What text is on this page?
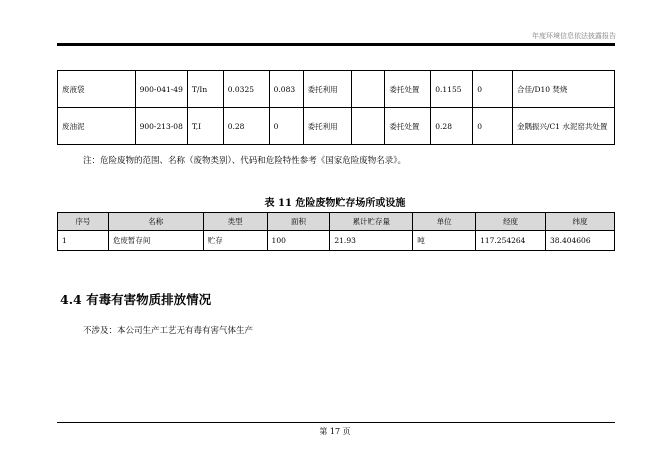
年度环境信息依法披露报告
废液袋	900-041-49	T/In	0.0325	0.083	委托利用		委托处置	0.1155	0	合佳/D10 焚烧
废油泥	900-213-08	T,I	0.28	0	委托利用		委托处置	0.28	0	金隅振兴/C1 水泥窑共处置
注：危险废物的范围、名称（废物类别）、代码和危险特性参考《国家危险废物名录》。
表 11 危险废物贮存场所或设施
序号	名称	类型	面积	累计贮存量	单位	经度	纬度
1	危废暂存间	贮存	100	21.93	吨	117.254264	38.404606
4.4 有毒有害物质排放情况
不涉及：本公司生产工艺无有毒有害气体生产
第 17 页
